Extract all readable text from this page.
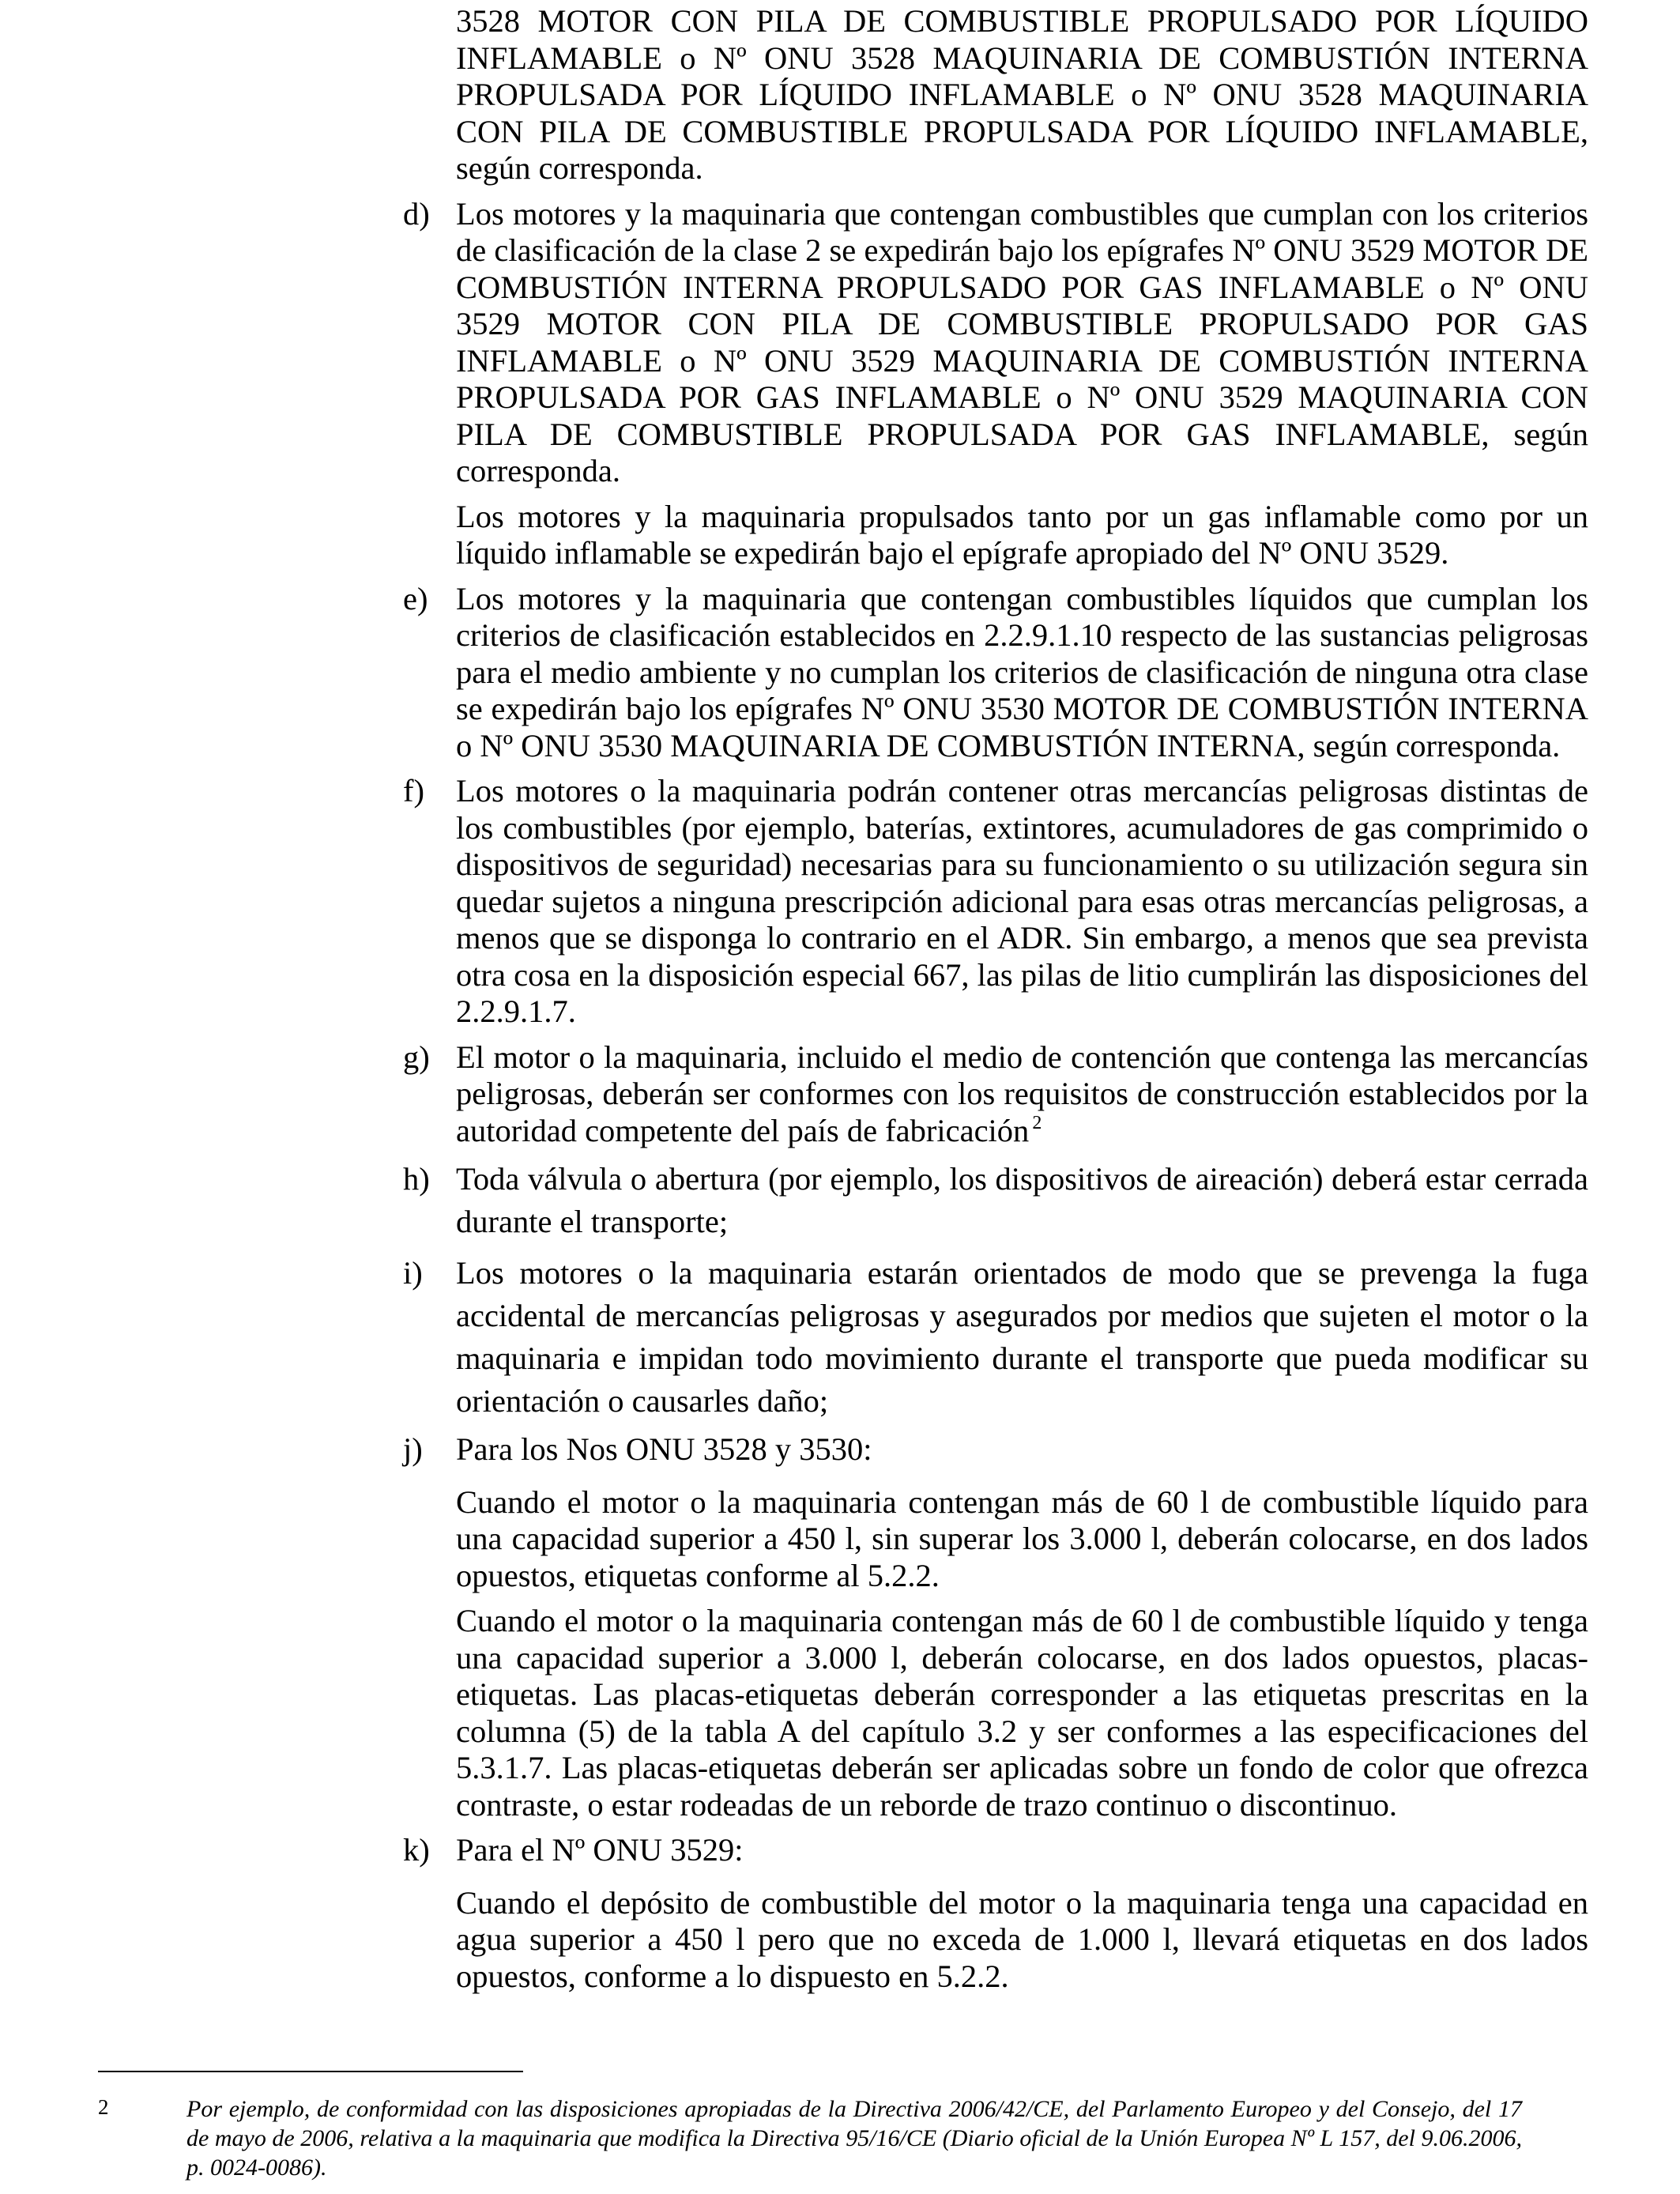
3528 MOTOR CON PILA DE COMBUSTIBLE PROPULSADO POR LÍQUIDO INFLAMABLE o Nº ONU 3528 MAQUINARIA DE COMBUSTIÓN INTERNA PROPULSADA POR LÍQUIDO INFLAMABLE o Nº ONU 3528 MAQUINARIA CON PILA DE COMBUSTIBLE PROPULSADA POR LÍQUIDO INFLAMABLE, según corresponda.

d) Los motores y la maquinaria que contengan combustibles que cumplan con los criterios de clasificación de la clase 2 se expedirán bajo los epígrafes Nº ONU 3529 MOTOR DE COMBUSTIÓN INTERNA PROPULSADO POR GAS INFLAMABLE o Nº ONU 3529 MOTOR CON PILA DE COMBUSTIBLE PROPULSADO POR GAS INFLAMABLE o Nº ONU 3529 MAQUINARIA DE COMBUSTIÓN INTERNA PROPULSADA POR GAS INFLAMABLE o Nº ONU 3529 MAQUINARIA CON PILA DE COMBUSTIBLE PROPULSADA POR GAS INFLAMABLE, según corresponda.

Los motores y la maquinaria propulsados tanto por un gas inflamable como por un líquido inflamable se expedirán bajo el epígrafe apropiado del Nº ONU 3529.

e) Los motores y la maquinaria que contengan combustibles líquidos que cumplan los criterios de clasificación establecidos en 2.2.9.1.10 respecto de las sustancias peligrosas para el medio ambiente y no cumplan los criterios de clasificación de ninguna otra clase se expedirán bajo los epígrafes Nº ONU 3530 MOTOR DE COMBUSTIÓN INTERNA o Nº ONU 3530 MAQUINARIA DE COMBUSTIÓN INTERNA, según corresponda.

f) Los motores o la maquinaria podrán contener otras mercancías peligrosas distintas de los combustibles (por ejemplo, baterías, extintores, acumuladores de gas comprimido o dispositivos de seguridad) necesarias para su funcionamiento o su utilización segura sin quedar sujetos a ninguna prescripción adicional para esas otras mercancías peligrosas, a menos que se disponga lo contrario en el ADR. Sin embargo, a menos que sea prevista otra cosa en la disposición especial 667, las pilas de litio cumplirán las disposiciones del 2.2.9.1.7.

g) El motor o la maquinaria, incluido el medio de contención que contenga las mercancías peligrosas, deberán ser conformes con los requisitos de construcción establecidos por la autoridad competente del país de fabricación $^2$

h) Toda válvula o abertura (por ejemplo, los dispositivos de aireación) deberá estar cerrada durante el transporte;

i)	Los motores o la maquinaria estarán orientados de modo que se prevenga la fuga accidental de mercancías peligrosas y asegurados por medios que sujeten el motor o la maquinaria e impidan todo movimiento durante el transporte que pueda modificar su orientación o causarles daño;

j)	Para los Nos ONU 3528 y 3530:

Cuando el motor o la maquinaria contengan más de 60 l de combustible líquido para una capacidad superior a 450 l, sin superar los 3.000 l, deberán colocarse, en dos lados opuestos, etiquetas conforme al 5.2.2.

Cuando el motor o la maquinaria contengan más de 60 l de combustible líquido y tenga una capacidad superior a 3.000 l, deberán colocarse, en dos lados opuestos, placas-etiquetas. Las placas-etiquetas deberán corresponder a las etiquetas prescritas en la columna (5) de la tabla A del capítulo 3.2 y ser conformes a las especificaciones del 5.3.1.7. Las placas-etiquetas deberán ser aplicadas sobre un fondo de color que ofrezca contraste, o estar rodeadas de un reborde de trazo continuo o discontinuo.

k) Para el Nº ONU 3529:

Cuando el depósito de combustible del motor o la maquinaria tenga una capacidad en agua superior a 450 l pero que no exceda de 1.000 l, llevará etiquetas en dos lados opuestos, conforme a lo dispuesto en 5.2.2.

2	Por ejemplo, de conformidad con las disposiciones apropiadas de la Directiva 2006/42/CE, del Parlamento Europeo y del Consejo, del 17 de mayo de 2006, relativa a la maquinaria que modifica la Directiva 95/16/CE (Diario oficial de la Unión Europea Nº L 157, del 9.06.2006, p. 0024-0086).
